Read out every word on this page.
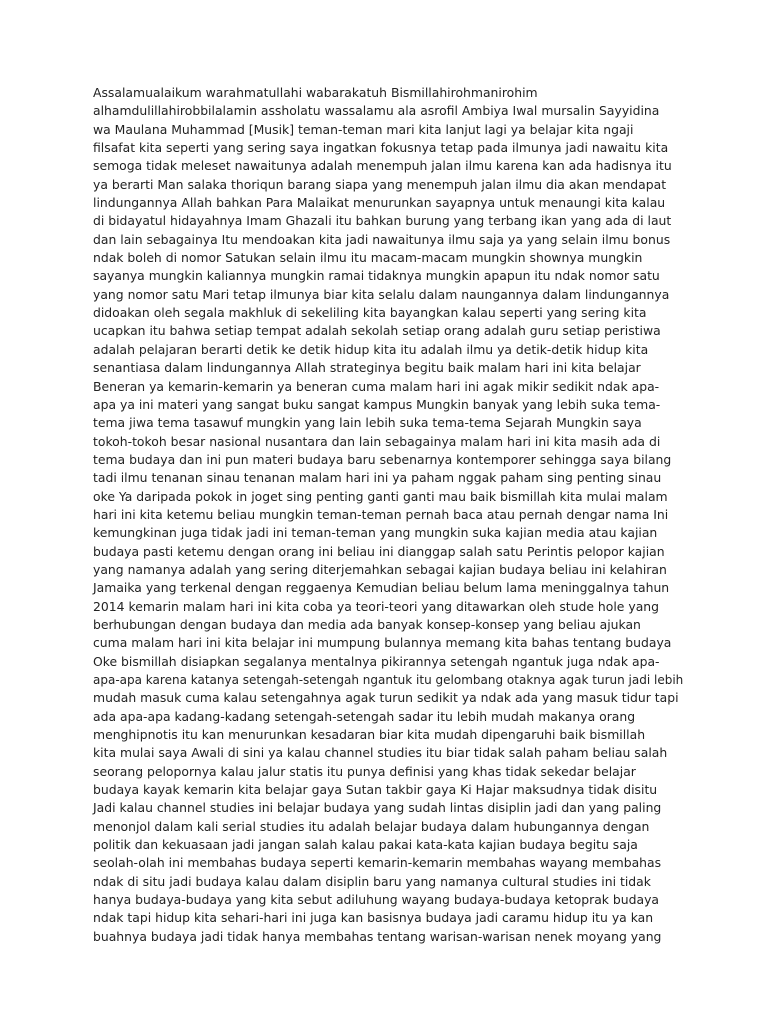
Assalamualaikum warahmatullahi wabarakatuh Bismillahirohmanirohim
alhamdulillahirobbilalamin assholatu wassalamu ala asrofil Ambiya Iwal mursalin Sayyidina
wa Maulana Muhammad [Musik] teman-teman mari kita lanjut lagi ya belajar kita ngaji
filsafat kita seperti yang sering saya ingatkan fokusnya tetap pada ilmunya jadi nawaitu kita
semoga tidak meleset nawaitunya adalah menempuh jalan ilmu karena kan ada hadisnya itu
ya berarti Man salaka thoriqun barang siapa yang menempuh jalan ilmu dia akan mendapat
lindungannya Allah bahkan Para Malaikat menurunkan sayapnya untuk menaungi kita kalau
di bidayatul hidayahnya Imam Ghazali itu bahkan burung yang terbang ikan yang ada di laut
dan lain sebagainya Itu mendoakan kita jadi nawaitunya ilmu saja ya yang selain ilmu bonus
ndak boleh di nomor Satukan selain ilmu itu macam-macam mungkin shownya mungkin
sayanya mungkin kaliannya mungkin ramai tidaknya mungkin apapun itu ndak nomor satu
yang nomor satu Mari tetap ilmunya biar kita selalu dalam naungannya dalam lindungannya
didoakan oleh segala makhluk di sekeliling kita bayangkan kalau seperti yang sering kita
ucapkan itu bahwa setiap tempat adalah sekolah setiap orang adalah guru setiap peristiwa
adalah pelajaran berarti detik ke detik hidup kita itu adalah ilmu ya detik-detik hidup kita
senantiasa dalam lindungannya Allah strateginya begitu baik malam hari ini kita belajar
Beneran ya kemarin-kemarin ya beneran cuma malam hari ini agak mikir sedikit ndak apa-
apa ya ini materi yang sangat buku sangat kampus Mungkin banyak yang lebih suka tema-
tema jiwa tema tasawuf mungkin yang lain lebih suka tema-tema Sejarah Mungkin saya
tokoh-tokoh besar nasional nusantara dan lain sebagainya malam hari ini kita masih ada di
tema budaya dan ini pun materi budaya baru sebenarnya kontemporer sehingga saya bilang
tadi ilmu tenanan sinau tenanan malam hari ini ya paham nggak paham sing penting sinau
oke Ya daripada pokok in joget sing penting ganti ganti mau baik bismillah kita mulai malam
hari ini kita ketemu beliau mungkin teman-teman pernah baca atau pernah dengar nama Ini
kemungkinan juga tidak jadi ini teman-teman yang mungkin suka kajian media atau kajian
budaya pasti ketemu dengan orang ini beliau ini dianggap salah satu Perintis pelopor kajian
yang namanya adalah yang sering diterjemahkan sebagai kajian budaya beliau ini kelahiran
Jamaika yang terkenal dengan reggaenya Kemudian beliau belum lama meninggalnya tahun
2014 kemarin malam hari ini kita coba ya teori-teori yang ditawarkan oleh stude hole yang
berhubungan dengan budaya dan media ada banyak konsep-konsep yang beliau ajukan
cuma malam hari ini kita belajar ini mumpung bulannya memang kita bahas tentang budaya
Oke bismillah disiapkan segalanya mentalnya pikirannya setengah ngantuk juga ndak apa-
apa-apa karena katanya setengah-setengah ngantuk itu gelombang otaknya agak turun jadi lebih
mudah masuk cuma kalau setengahnya agak turun sedikit ya ndak ada yang masuk tidur tapi
ada apa-apa kadang-kadang setengah-setengah sadar itu lebih mudah makanya orang
menghipnotis itu kan menurunkan kesadaran biar kita mudah dipengaruhi baik bismillah
kita mulai saya Awali di sini ya kalau channel studies itu biar tidak salah paham beliau salah
seorang pelopornya kalau jalur statis itu punya definisi yang khas tidak sekedar belajar
budaya kayak kemarin kita belajar gaya Sutan takbir gaya Ki Hajar maksudnya tidak disitu
Jadi kalau channel studies ini belajar budaya yang sudah lintas disiplin jadi dan yang paling
menonjol dalam kali serial studies itu adalah belajar budaya dalam hubungannya dengan
politik dan kekuasaan jadi jangan salah kalau pakai kata-kata kajian budaya begitu saja
seolah-olah ini membahas budaya seperti kemarin-kemarin membahas wayang membahas
ndak di situ jadi budaya kalau dalam disiplin baru yang namanya cultural studies ini tidak
hanya budaya-budaya yang kita sebut adiluhung wayang budaya-budaya ketoprak budaya
ndak tapi hidup kita sehari-hari ini juga kan basisnya budaya jadi caramu hidup itu ya kan
buahnya budaya jadi tidak hanya membahas tentang warisan-warisan nenek moyang yang
